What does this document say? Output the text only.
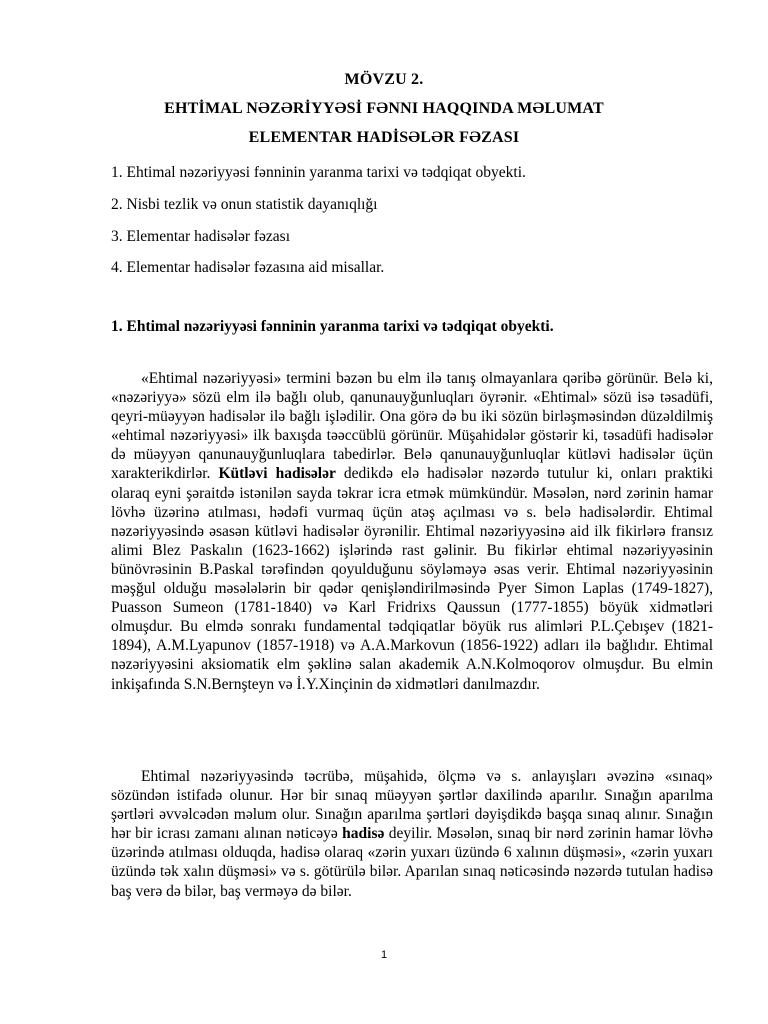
MÖVZU 2.
EHTİMAL NƏZƏRİYYƏSİ FƏNNI HAQQINDA MƏLUMAT
ELEMENTAR HADİSƏLƏR FƏZASI
1. Ehtimal nəzəriyyəsi fənninin yaranma tarixi və tədqiqat obyekti.
2. Nisbi tezlik və onun statistik dayanıqlığı
3. Elementar hadisələr fəzası
4. Elementar hadisələr fəzasına aid misallar.
1. Ehtimal nəzəriyyəsi fənninin yaranma tarixi və tədqiqat obyekti.

«Ehtimal nəzəriyyəsi» termini bəzən bu elm ilə tanış olmayanlara qəribə görünür. Belə ki, «nəzəriyyə» sözü elm ilə bağlı olub, qanunauyğunluqları öyrənir. «Ehtimal» sözü isə təsadüfi, qeyri-müəyyən hadisələr ilə bağlı işlədilir. Ona görə də bu iki sözün birləşməsindən düzəldilmiş «ehtimal nəzəriyyəsi» ilk baxışda təəccüblü görünür. Müşahidələr göstərir ki, təsadüfi hadisələr də müəyyən qanunauyğunluqlara tabedirlər. Belə qanunauyğunluqlar kütləvi hadisələr üçün xarakterikdirlər. Kütləvi hadisələr dedikdə elə hadisələr nəzərdə tutulur ki, onları praktiki olaraq eyni şəraitdə istənilən sayda təkrar icra etmək mümkündür. Məsələn, nərd zərinin hamar lövhə üzərinə atılması, hədəfi vurmaq üçün atəş açılması və s. belə hadisələrdir. Ehtimal nəzəriyyəsində əsasən kütləvi hadisələr öyrənilir. Ehtimal nəzəriyyəsinə aid ilk fikirlərə fransız alimi Blez Paskalın (1623-1662) işlərində rast gəlinir. Bu fikirlər ehtimal nəzəriyyəsinin bünövrəsinin B.Paskal tərəfindən qoyulduğunu söyləməyə əsas verir. Ehtimal nəzəriyyəsinin məşğul olduğu məsələlərin bir qədər qenişləndirilməsində Pyer Simon Laplas (1749-1827), Puasson Sumeon (1781-1840) və Karl Fridrixs Qaussun (1777-1855) böyük xidmətləri olmuşdur. Bu elmdə sonrakı fundamental tədqiqatlar böyük rus alimləri P.L.Çebışev (1821-1894), A.M.Lyapunov (1857-1918) və A.A.Markovun (1856-1922) adları ilə bağlıdır. Ehtimal nəzəriyyəsini aksiomatik elm şəklinə salan akademik A.N.Kolmoqorov olmuşdur. Bu elmin inkişafında S.N.Bernşteyn və İ.Y.Xinçinin də xidmətləri danılmazdır.

Ehtimal nəzəriyyəsində təcrübə, müşahidə, ölçmə və s. anlayışları əvəzinə «sınaq» sözündən istifadə olunur. Hər bir sınaq müəyyən şərtlər daxilində aparılır. Sınağın aparılma şərtləri əvvəlcədən məlum olur. Sınağın aparılma şərtləri dəyişdikdə başqa sınaq alınır. Sınağın hər bir icrası zamanı alınan nəticəyə hadisə deyilir. Məsələn, sınaq bir nərd zərinin hamar lövhə üzərində atılması olduqda, hadisə olaraq «zərin yuxarı üzündə 6 xalının düşməsi», «zərin yuxarı üzündə tək xalın düşməsi» və s. götürülə bilər. Aparılan sınaq nəticəsində nəzərdə tutulan hadisə baş verə də bilər, baş verməyə də bilər.

1
